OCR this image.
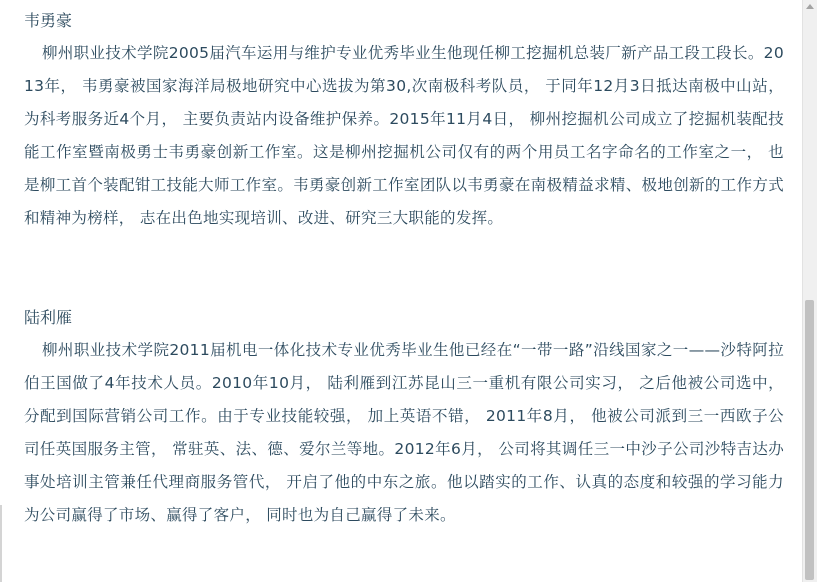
韦勇豪

柳州职业技术学院2005届汽车运用与维护专业优秀毕业生他现任柳工挖掘机总装厂新产品工段工段长。2013年， 韦勇豪被国家海洋局极地研究中心选拔为第30,次南极科考队员， 于同年12月3日抵达南极中山站， 为科考服务近4个月， 主要负责站内设备维护保养。2015年11月4日， 柳州挖掘机公司成立了挖掘机装配技能工作室暨南极勇士韦勇豪创新工作室。这是柳州挖掘机公司仅有的两个用员工名字命名的工作室之一， 也是柳工首个装配钳工技能大师工作室。韦勇豪创新工作室团队以韦勇豪在南极精益求精、极地创新的工作方式和精神为榜样， 志在出色地实现培训、改进、研究三大职能的发挥。

陆利雁

柳州职业技术学院2011届机电一体化技术专业优秀毕业生他已经在“一带一路”沿线国家之一——沙特阿拉伯王国做了4年技术人员。2010年10月， 陆利雁到江苏昆山三一重机有限公司实习， 之后他被公司选中， 分配到国际营销公司工作。由于专业技能较强， 加上英语不错， 2011年8月， 他被公司派到三一西欧子公司任英国服务主管， 常驻英、法、德、爱尔兰等地。2012年6月， 公司将其调任三一中沙子公司沙特吉达办事处培训主管兼任代理商服务管代， 开启了他的中东之旅。他以踏实的工作、认真的态度和较强的学习能力为公司赢得了市场、赢得了客户， 同时也为自己赢得了未来。
